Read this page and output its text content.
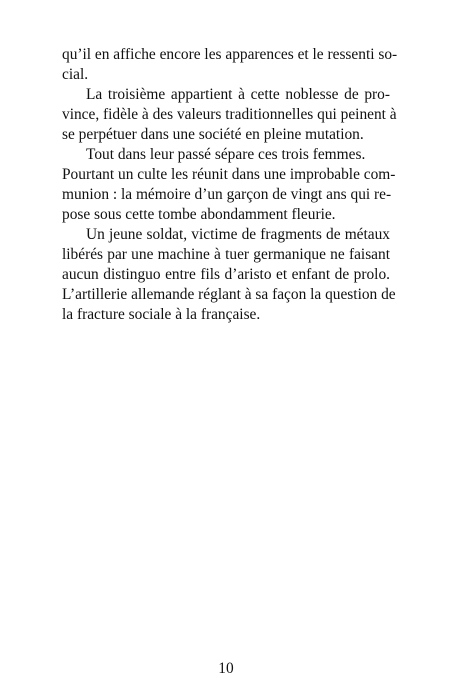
qu’il en affiche encore les apparences et le ressenti so-
cial.
La troisième appartient à cette noblesse de pro-
vince, fidèle à des valeurs traditionnelles qui peinent à
se perpétuer dans une société en pleine mutation.
Tout dans leur passé sépare ces trois femmes.
Pourtant un culte les réunit dans une improbable com-
munion : la mémoire d’un garçon de vingt ans qui re-
pose sous cette tombe abondamment fleurie.
Un jeune soldat, victime de fragments de métaux
libérés par une machine à tuer germanique ne faisant
aucun distinguo entre fils d’aristo et enfant de prolo.
L’artillerie allemande réglant à sa façon la question de
la fracture sociale à la française.
10
